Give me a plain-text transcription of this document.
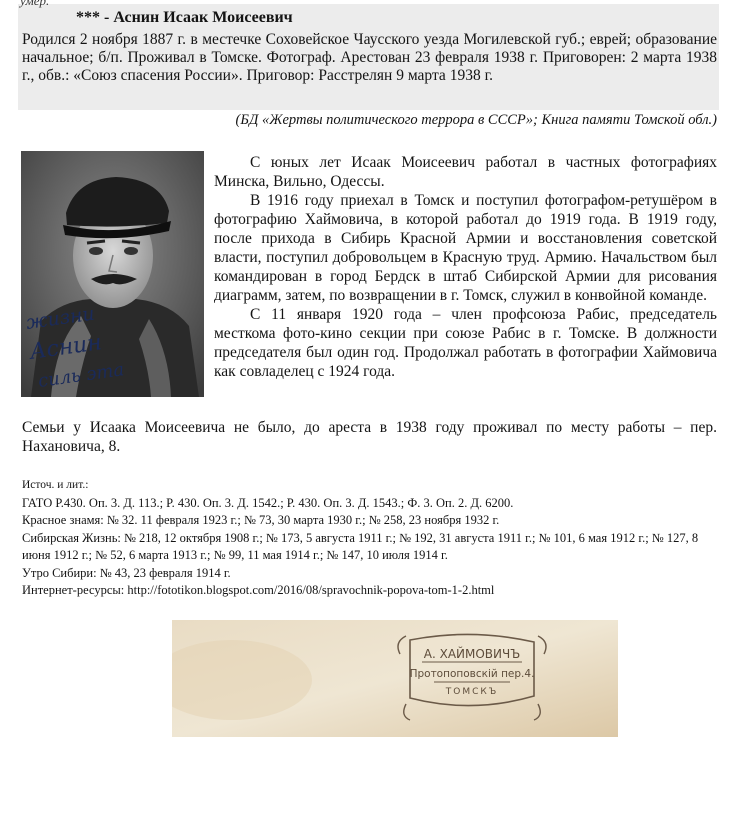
умер.
*** - Аснин Исаак Моисеевич
Родился 2 ноября 1887 г. в местечке Соховейское Чаусского уезда Могилевской губ.; еврей; образование начальное; б/п. Проживал в Томске. Фотограф. Арестован 23 февраля 1938 г. Приговорен: 2 марта 1938 г., обв.: «Союз спасения России». Приговор: Расстрелян 9 марта 1938 г.
(БД «Жертвы политического террора в СССР»; Книга памяти Томской обл.)
жизни
Аснин
силь эта

С юных лет Исаак Моисеевич работал в частных фотографиях Минска, Вильно, Одессы.

В 1916 году приехал в Томск и поступил фотографом-ретушёром в фотографию Хаймовича, в которой работал до 1919 года. В 1919 году, после прихода в Сибирь Красной Армии и восстановления советской власти, поступил добровольцем в Красную труд. Армию. Начальством был командирован в город Бердск в штаб Сибирской Армии для рисования диаграмм, затем, по возвращении в г. Томск, служил в конвойной команде.

С 11 января 1920 года – член профсоюза Рабис, председатель месткома фото-кино секции при союзе Рабис в г. Томске. В должности председателя был один год. Продолжал работать в фотографии Хаймовича как совладелец с 1924 года.

Семьи у Исаака Моисеевича не было, до ареста в 1938 году проживал по месту работы – пер. Нахановича, 8.
Источ. и лит.:
ГАТО Р.430. Оп. 3. Д. 113.; Р. 430. Оп. 3. Д. 1542.; Р. 430. Оп. 3. Д. 1543.; Ф. 3. Оп. 2. Д. 6200.
Красное знамя: № 32. 11 февраля 1923 г.; № 73, 30 марта 1930 г.; № 258, 23 ноября 1932 г.
Сибирская Жизнь: № 218, 12 октября 1908 г.; № 173, 5 августа 1911 г.; № 192, 31 августа 1911 г.; № 101, 6 мая 1912 г.; № 127, 8 июня 1912 г.; № 52, 6 марта 1913 г.; № 99, 11 мая 1914 г.; № 147, 10 июля 1914 г.
Утро Сибири: № 43, 23 февраля 1914 г.
Интернет-ресурсы: http://fototikon.blogspot.com/2016/08/spravochnik-popova-tom-1-2.html
А. ХАЙМОВИЧЪ
Протопоповскiй пер.4.
ТОМСКЪ
